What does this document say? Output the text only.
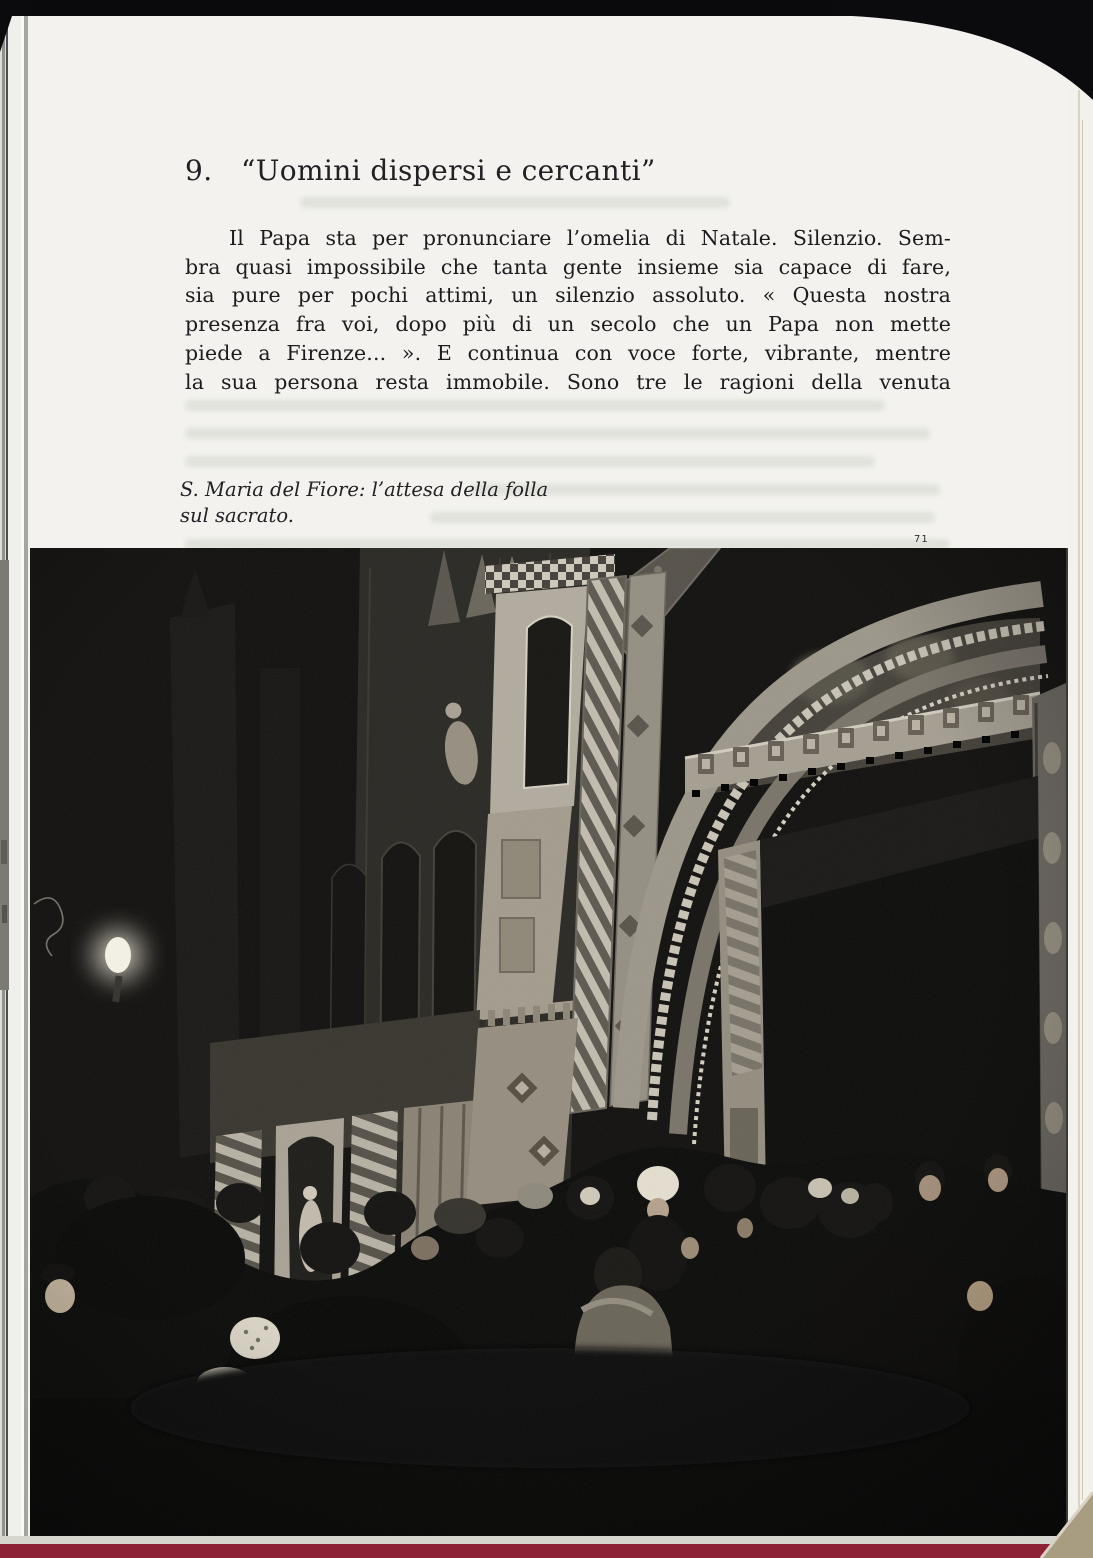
9. “Uomini dispersi e cercanti”
Il Papa sta per pronunciare l’omelia di Natale. Silenzio. Sem-
bra quasi impossibile che tanta gente insieme sia capace di fare,
sia pure per pochi attimi, un silenzio assoluto. « Questa nostra
presenza fra voi, dopo più di un secolo che un Papa non mette
piede a Firenze... ». E continua con voce forte, vibrante, mentre
la sua persona resta immobile. Sono tre le ragioni della venuta
S. Maria del Fiore: l’attesa della folla
sul sacrato.
71
